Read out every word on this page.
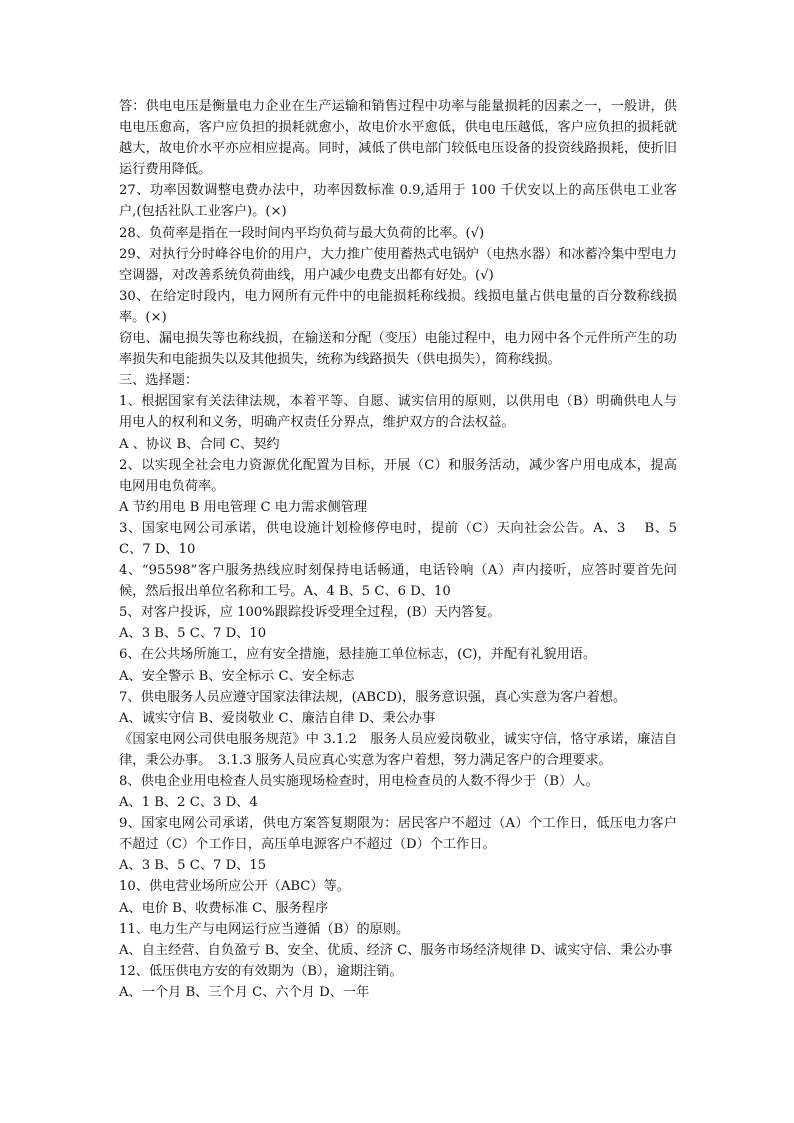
答：供电电压是衡量电力企业在生产运输和销售过程中功率与能量损耗的因素之一，一般讲，供电电压愈高，客户应负担的损耗就愈小，故电价水平愈低，供电电压越低，客户应负担的损耗就越大，故电价水平亦应相应提高。同时，减低了供电部门较低电压设备的投资线路损耗，使折旧运行费用降低。

27、功率因数调整电费办法中，功率因数标准 0.9,适用于 100 千伏安以上的高压供电工业客户,(包括社队工业客户)。(×)

28、负荷率是指在一段时间内平均负荷与最大负荷的比率。(√)

29、对执行分时峰谷电价的用户，大力推广使用蓄热式电锅炉（电热水器）和冰蓄冷集中型电力空调器，对改善系统负荷曲线，用户减少电费支出都有好处。(√)

30、在给定时段内，电力网所有元件中的电能损耗称线损。线损电量占供电量的百分数称线损率。(×)

窃电、漏电损失等也称线损，在输送和分配（变压）电能过程中，电力网中各个元件所产生的功率损失和电能损失以及其他损失，统称为线路损失（供电损失），简称线损。

三、选择题：

1、根据国家有关法律法规，本着平等、自愿、诚实信用的原则，以供用电（B）明确供电人与用电人的权利和义务，明确产权责任分界点，维护双方的合法权益。

A 、协议 B、合同 C、契约

2、以实现全社会电力资源优化配置为目标，开展（C）和服务活动，减少客户用电成本，提高电网用电负荷率。

A 节约用电 B 用电管理 C 电力需求侧管理

3、国家电网公司承诺，供电设施计划检修停电时，提前（C）天向社会公告。A、3　 B、5　C、7 D、10

4、“95598”客户服务热线应时刻保持电话畅通，电话铃响（A）声内接听，应答时要首先问候，然后报出单位名称和工号。A、4 B、5 C、6 D、10

5、对客户投诉，应 100%跟踪投诉受理全过程，(B）天内答复。

A、3 B、5 C、7 D、10

6、在公共场所施工，应有安全措施，悬挂施工单位标志，(C)，并配有礼貌用语。

A、安全警示 B、安全标示 C、安全标志

7、供电服务人员应遵守国家法律法规，(ABCD)，服务意识强，真心实意为客户着想。

A、诚实守信 B、爱岗敬业 C、廉洁自律 D、秉公办事

《国家电网公司供电服务规范》中 3.1.2　服务人员应爱岗敬业，诚实守信，恪守承诺，廉洁自律，秉公办事。　3.1.3 服务人员应真心实意为客户着想，努力满足客户的合理要求。

8、供电企业用电检查人员实施现场检查时，用电检查员的人数不得少于（B）人。

A、1 B、2 C、3 D、4

9、国家电网公司承诺，供电方案答复期限为：居民客户不超过（A）个工作日，低压电力客户不超过（C）个工作日，高压单电源客户不超过（D）个工作日。

A、3 B、5 C、7 D、15

10、供电营业场所应公开（ABC）等。

A、电价 B、收费标准 C、服务程序

11、电力生产与电网运行应当遵循（B）的原则。

A、自主经营、自负盈亏 B、安全、优质、经济 C、服务市场经济规律 D、诚实守信、秉公办事

12、低压供电方安的有效期为（B），逾期注销。

A、一个月 B、三个月 C、六个月 D、一年
